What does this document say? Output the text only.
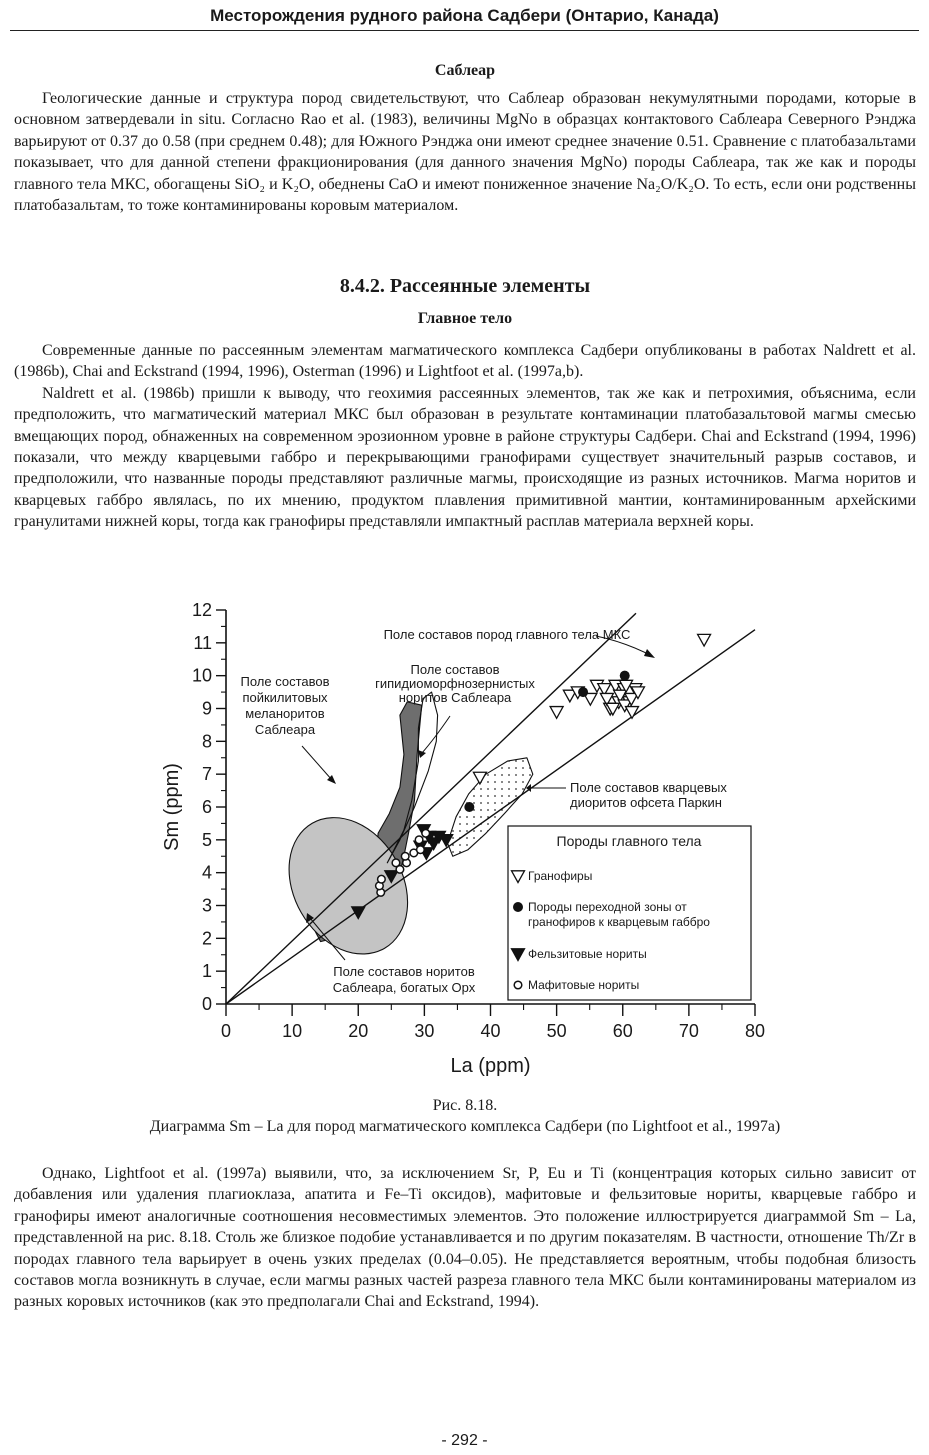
Месторождения рудного района Садбери (Онтарио, Канада)
Саблеар

Геологические данные и структура пород свидетельствуют, что Саблеар образован некумулятными породами, которые в основном затвердевали in situ. Согласно Rao et al. (1983), величины MgNo в образцах контактового Саблеара Северного Рэнджа варьируют от 0.37 до 0.58 (при среднем 0.48); для Южного Рэнджа они имеют среднее значение 0.51. Сравнение с платобазальтами показывает, что для данной степени фракционирования (для данного значения MgNo) породы Саблеара, так же как и породы главного тела МКС, обогащены SiO₂ и K₂O, обеднены CaO и имеют пониженное значение Na₂O/K₂O. То есть, если они родственны платобазальтам, то тоже контаминированы коровым материалом.

8.4.2. Рассеянные элементы
Главное тело

Современные данные по рассеянным элементам магматического комплекса Садбери опубликованы в работах Naldrett et al. (1986b), Chai and Eckstrand (1994, 1996), Osterman (1996) и Lightfoot et al. (1997a,b).

Naldrett et al. (1986b) пришли к выводу, что геохимия рассеянных элементов, так же как и петрохимия, объяснима, если предположить, что магматический материал МКС был образован в результате контаминации платобазальтовой магмы смесью вмещающих пород, обнаженных на современном эрозионном уровне в районе структуры Садбери. Chai and Eckstrand (1994, 1996) показали, что между кварцевыми габбро и перекрывающими гранофирами существует значительный разрыв составов, и предположили, что названные породы представляют различные магмы, происходящие из разных источников. Магма норитов и кварцевых габбро являлась, по их мнению, продуктом плавления примитивной мантии, контаминированным архейскими гранулитами нижней коры, тогда как гранофиры представляли импактный расплав материала верхней коры.

0
1
2
3
4
5
6
7
8
9
10
11
12
0	10	20	30	40	50	60	70	80
La (ppm)
Sm (ppm)
Поле составов пород главного тела МКС
Поле составов
пойкилитовых
меланоритов
Саблеара
Поле составов
гипидиоморфнозернистых
норитов Саблеара
Поле составов кварцевых
диоритов офсета Паркин
Поле составов норитов
Саблеара, богатых Орх
Породы главного тела
Гранофиры
Породы переходной зоны от гранофиров к кварцевым габбро
Фельзитовые нориты
Мафитовые нориты
Рис. 8.18.
Диаграмма Sm – La для пород магматического комплекса Садбери (по Lightfoot et al., 1997a)

Однако, Lightfoot et al. (1997a) выявили, что, за исключением Sr, P, Eu и Ti (концентрация которых сильно зависит от добавления или удаления плагиоклаза, апатита и Fe–Ti оксидов), мафитовые и фельзитовые нориты, кварцевые габбро и гранофиры имеют аналогичные соотношения несовместимых элементов. Это положение иллюстрируется диаграммой Sm – La, представленной на рис. 8.18. Столь же близкое подобие устанавливается и по другим показателям. В частности, отношение Th/Zr в породах главного тела варьирует в очень узких пределах (0.04–0.05). Не представляется вероятным, чтобы подобная близость составов могла возникнуть в случае, если магмы разных частей разреза главного тела МКС были контаминированы материалом из разных коровых источников (как это предполагали Chai and Eckstrand, 1994).

- 292 -
